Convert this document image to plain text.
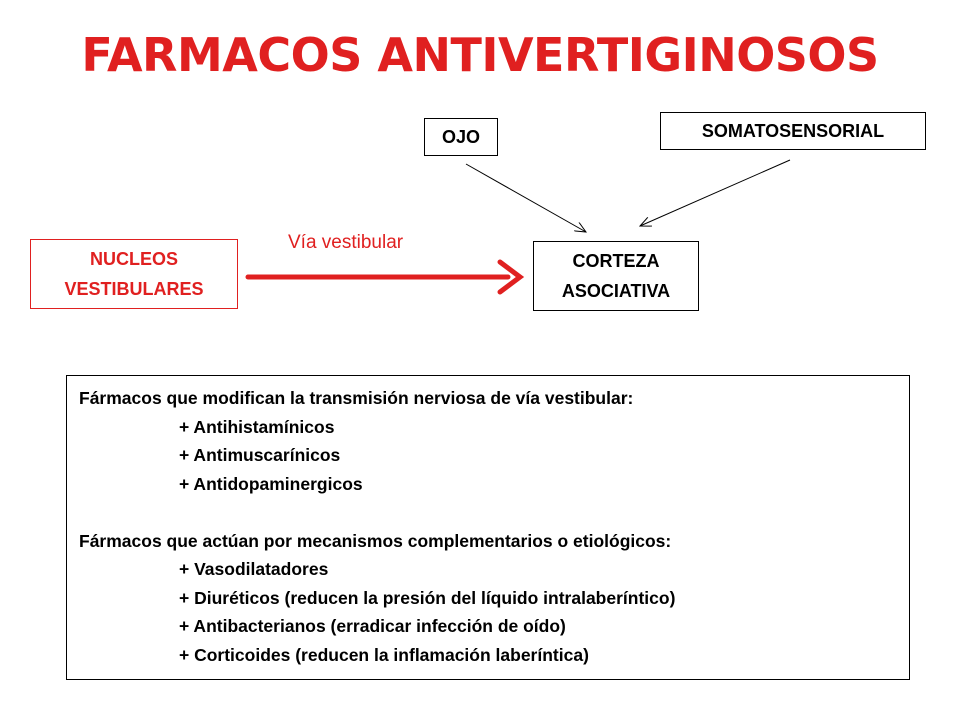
FARMACOS ANTIVERTIGINOSOS
OJO	SOMATOSENSORIAL
NUCLEOS
VESTIBULARES
CORTEZA
ASOCIATIVA
Vía vestibular
Fármacos que modifican la transmisión nerviosa de vía vestibular:
+ Antihistamínicos
+ Antimuscarínicos
+ Antidopaminergicos
Fármacos que actúan por mecanismos complementarios o etiológicos:
+ Vasodilatadores
+ Diuréticos (reducen la presión del líquido intralaberíntico)
+ Antibacterianos (erradicar infección de oído)
+ Corticoides (reducen la inflamación laberíntica)
